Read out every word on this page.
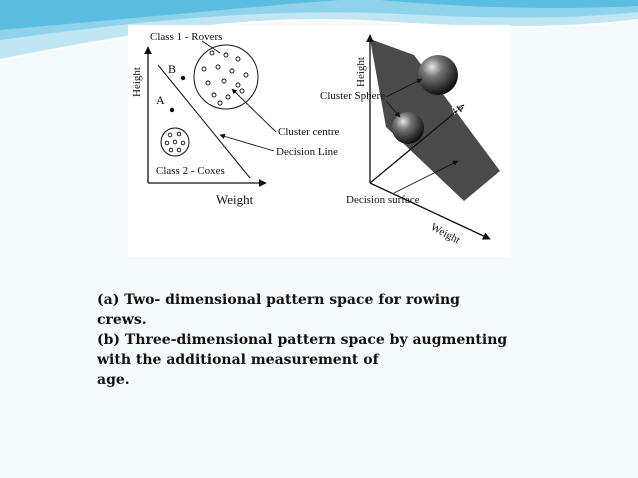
Height
Weight
Class 1 - Rovers
B
A
Class 2 - Coxes
Cluster centre
Decision Line
Height
Age
Weight
Cluster Sphere
Decision surface
(a) Two- dimensional pattern space for rowing
crews.
(b) Three-dimensional pattern space by augmenting
with the additional measurement of
age.
